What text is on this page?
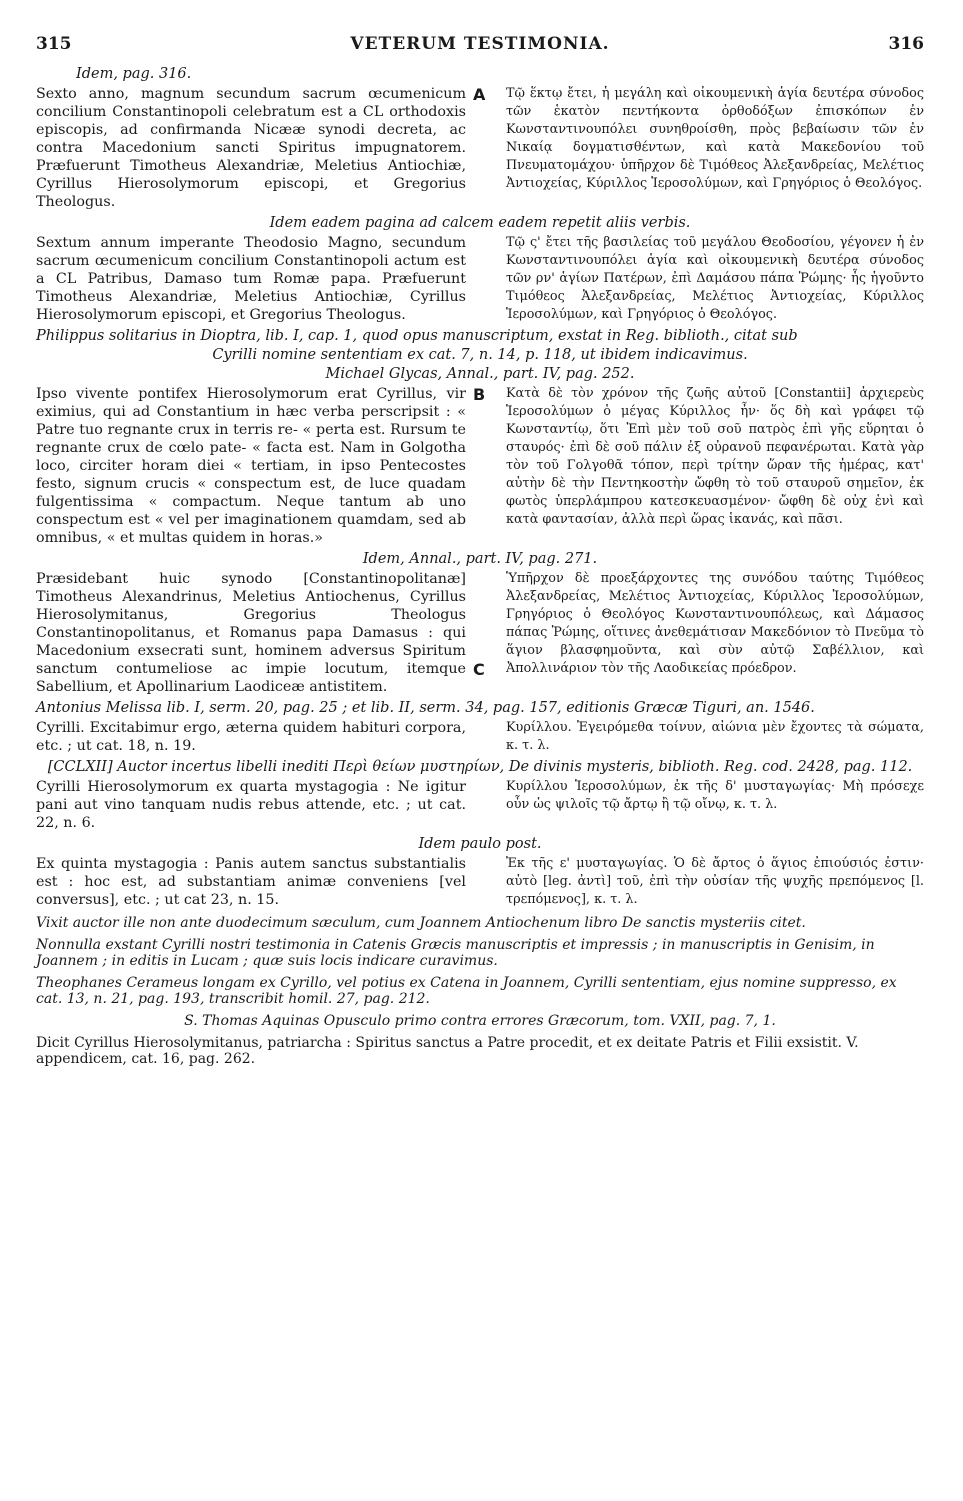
315	VETERUM TESTIMONIA.	316
Idem, pag. 316.
Sexto anno, magnum secundum sacrum œcumenicum concilium Constantinopoli celebratum est a CL orthodoxis episcopis, ad confirmanda Nicææ synodi decreta, ac contra Macedonium sancti Spiritus impugnatorem. Præfuerunt Timotheus Alexandriæ, Meletius Antiochiæ, Cyrillus Hierosolymorum episcopi, et Gregorius Theologus.
A Τῷ ἕκτῳ ἔτει, ἡ μεγάλη καὶ οἰκουμενικὴ ἁγία δευτέρα σύνοδος τῶν ἑκατὸν πεντήκοντα ὀρθοδόξων ἐπισκόπων ἐν Κωνσταντινουπόλει συνηθροίσθη, πρὸς βεβαίωσιν τῶν ἐν Νικαίᾳ δογματισθέντων, καὶ κατὰ Μακεδονίου τοῦ Πνευματομάχου· ὑπῆρχον δὲ Τιμόθεος Ἀλεξανδρείας, Μελέτιος Ἀντιοχείας, Κύριλλος Ἱεροσολύμων, καὶ Γρηγόριος ὁ Θεολόγος.
Idem eadem pagina ad calcem eadem repetit aliis verbis.
Sextum annum imperante Theodosio Magno, secundum sacrum œcumenicum concilium Constantinopoli actum est a CL Patribus, Damaso tum Romæ papa. Præfuerunt Timotheus Alexandriæ, Meletius Antiochiæ, Cyrillus Hierosolymorum episcopi, et Gregorius Theologus.
Τῷ ς' ἔτει τῆς βασιλείας τοῦ μεγάλου Θεοδοσίου, γέγονεν ἡ ἐν Κωνσταντινουπόλει ἁγία καὶ οἰκουμενικὴ δευτέρα σύνοδος τῶν ρν' ἁγίων Πατέρων, ἐπὶ Δαμάσου πάπα Ῥώμης· ἧς ἡγοῦντο Τιμόθεος Ἀλεξανδρείας, Μελέτιος Ἀντιοχείας, Κύριλλος Ἱεροσολύμων, καὶ Γρηγόριος ὁ Θεολόγος.
Philippus solitarius in Dioptra, lib. I, cap. 1, quod opus manuscriptum, exstat in Reg. biblioth., citat sub
Cyrilli nomine sententiam ex cat. 7, n. 14, p. 118, ut ibidem indicavimus.
Michael Glycas, Annal., part. IV, pag. 252.
Ipso vivente pontifex Hierosolymorum erat Cyrillus, vir eximius, qui ad Constantium in hæc verba perscripsit : « Patre tuo regnante crux in terris re- « perta est. Rursum te regnante crux de cœlo pate- « facta est. Nam in Golgotha loco, circiter horam diei « tertiam, in ipso Pentecostes festo, signum crucis « conspectum est, de luce quadam fulgentissima « compactum. Neque tantum ab uno conspectum est « vel per imaginationem quamdam, sed ab omnibus, « et multas quidem in horas.»
B Κατὰ δὲ τὸν χρόνον τῆς ζωῆς αὐτοῦ [Constantii] ἀρχιερεὺς Ἱεροσολύμων ὁ μέγας Κύριλλος ἦν· ὅς δὴ καὶ γράφει τῷ Κωνσταντίῳ, ὅτι Ἐπὶ μὲν τοῦ σοῦ πατρὸς ἐπὶ γῆς εὕρηται ὁ σταυρός· ἐπὶ δὲ σοῦ πάλιν ἐξ οὐρανοῦ πεφανέρωται. Κατὰ γὰρ τὸν τοῦ Γολγοθᾶ τόπον, περὶ τρίτην ὥραν τῆς ἡμέρας, κατ' αὐτὴν δὲ τὴν Πεντηκοστὴν ὤφθη τὸ τοῦ σταυροῦ σημεῖον, ἐκ φωτὸς ὑπερλάμπρου κατεσκευασμένον· ὤφθη δὲ οὐχ ἑνὶ καὶ κατὰ φαντασίαν, ἀλλὰ περὶ ὥρας ἱκανάς, καὶ πᾶσι.
Idem, Annal., part. IV, pag. 271.
Præsidebant huic synodo [Constantinopolitanæ] Timotheus Alexandrinus, Meletius Antiochenus, Cyrillus Hierosolymitanus, Gregorius Theologus Constantinopolitanus, et Romanus papa Damasus : qui Macedonium exsecrati sunt, hominem adversus Spiritum sanctum contumeliose ac impie locutum, itemque Sabellium, et Apollinarium Laodiceæ antistitem.
C
Ὑπῆρχον δὲ προεξάρχοντες της συνόδου ταύτης Τιμόθεος Ἀλεξανδρείας, Μελέτιος Ἀντιοχείας, Κύριλλος Ἱεροσολύμων, Γρηγόριος ὁ Θεολόγος Κωνσταντινουπόλεως, καὶ Δάμασος πάπας Ῥώμης, οἵτινες ἀνεθεμάτισαν Μακεδόνιον τὸ Πνεῦμα τὸ ἅγιον βλασφημοῦντα, καὶ σὺν αὐτῷ Σαβέλλιον, καὶ Ἀπολλινάριον τὸν τῆς Λαοδικείας πρόεδρον.
Antonius Melissa lib. I, serm. 20, pag. 25 ; et lib. II, serm. 34, pag. 157, editionis Græcæ Tiguri, an. 1546.
Cyrilli. Excitabimur ergo, æterna quidem habituri corpora, etc. ; ut cat. 18, n. 19.
Κυρίλλου. Ἐγειρόμεθα τοίνυν, αἰώνια μὲν ἔχοντες τὰ σώματα, κ. τ. λ.
[CCLXII] Auctor incertus libelli inediti Περὶ θείων μυστηρίων, De divinis mysteris, biblioth. Reg. cod. 2428, pag. 112.
Cyrilli Hierosolymorum ex quarta mystagogia : Ne igitur pani aut vino tanquam nudis rebus attende, etc. ; ut cat. 22, n. 6.
Κυρίλλου Ἱεροσολύμων, ἐκ τῆς δ' μυσταγωγίας· Μὴ πρόσεχε οὖν ὡς ψιλοῖς τῷ ἄρτῳ ἢ τῷ οἴνῳ, κ. τ. λ.
Idem paulo post.
Ex quinta mystagogia : Panis autem sanctus substantialis est : hoc est, ad substantiam animæ conveniens [vel conversus], etc. ; ut cat 23, n. 15.
Ἐκ τῆς ε' μυσταγωγίας. Ὁ δὲ ἄρτος ὁ ἅγιος ἐπιούσιός ἐστιν· αὐτὸ [leg. ἀντὶ] τοῦ, ἐπὶ τὴν οὐσίαν τῆς ψυχῆς πρεπόμενος [l. τρεπόμενος], κ. τ. λ.
Vixit auctor ille non ante duodecimum sæculum, cum Joannem Antiochenum libro De sanctis mysteriis citet.
Nonnulla exstant Cyrilli nostri testimonia in Catenis Græcis manuscriptis et impressis ; in manuscriptis in Genisim, in Joannem ; in editis in Lucam ; quæ suis locis indicare curavimus.
Theophanes Cerameus longam ex Cyrillo, vel potius ex Catena in Joannem, Cyrilli sententiam, ejus nomine suppresso, ex cat. 13, n. 21, pag. 193, transcribit homil. 27, pag. 212.
S. Thomas Aquinas Opusculo primo contra errores Græcorum, tom. VXII, pag. 7, 1.
Dicit Cyrillus Hierosolymitanus, patriarcha : Spiritus sanctus a Patre procedit, et ex deitate Patris et Filii exsistit. V. appendicem, cat. 16, pag. 262.
